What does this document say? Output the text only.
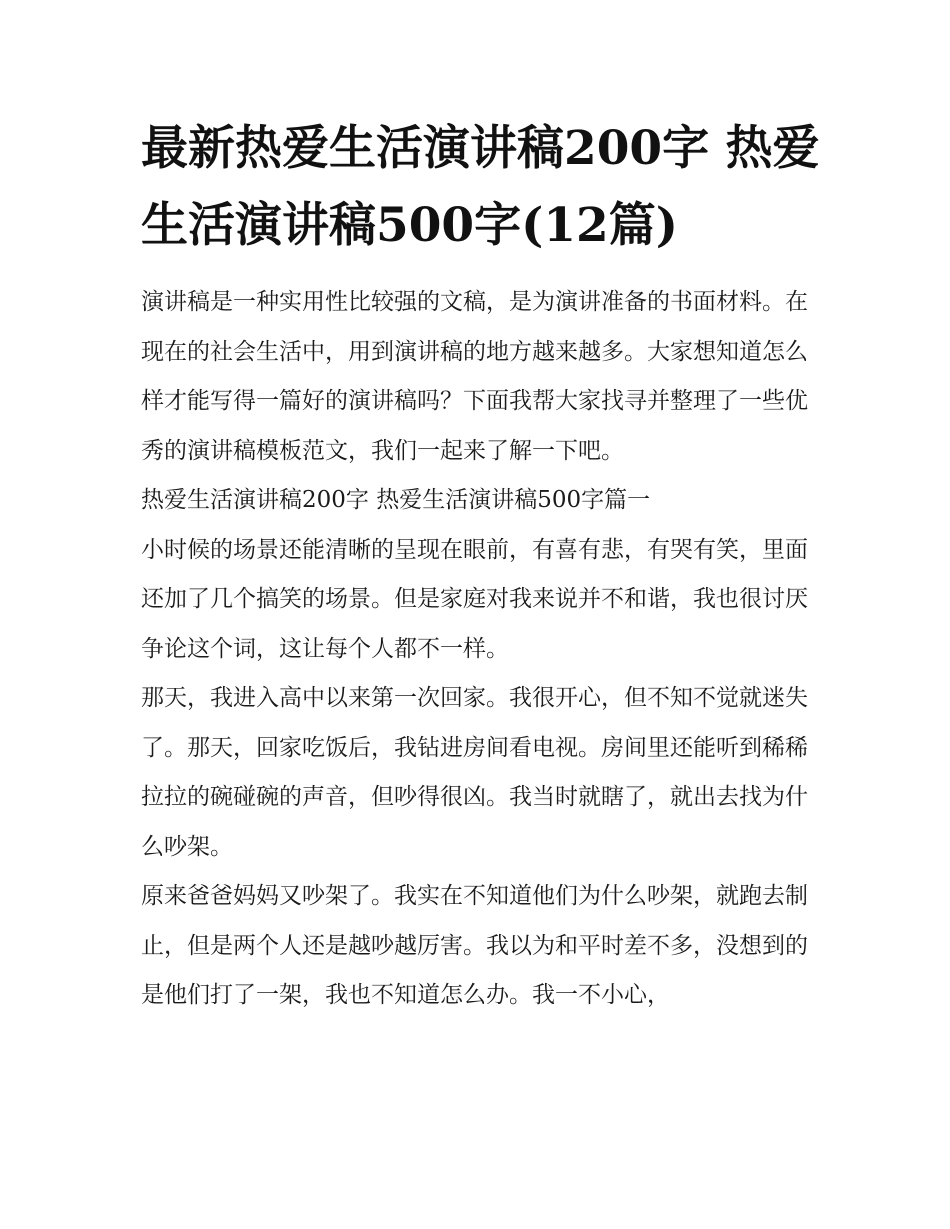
最新热爱生活演讲稿200字 热爱生活演讲稿500字(12篇)

演讲稿是一种实用性比较强的文稿，是为演讲准备的书面材料。在现在的社会生活中，用到演讲稿的地方越来越多。大家想知道怎么样才能写得一篇好的演讲稿吗？下面我帮大家找寻并整理了一些优秀的演讲稿模板范文，我们一起来了解一下吧。

热爱生活演讲稿200字 热爱生活演讲稿500字篇一

小时候的场景还能清晰的呈现在眼前，有喜有悲，有哭有笑，里面还加了几个搞笑的场景。但是家庭对我来说并不和谐，我也很讨厌争论这个词，这让每个人都不一样。

那天，我进入高中以来第一次回家。我很开心，但不知不觉就迷失了。那天，回家吃饭后，我钻进房间看电视。房间里还能听到稀稀拉拉的碗碰碗的声音，但吵得很凶。我当时就瞎了，就出去找为什么吵架。

原来爸爸妈妈又吵架了。我实在不知道他们为什么吵架，就跑去制止，但是两个人还是越吵越厉害。我以为和平时差不多，没想到的是他们打了一架，我也不知道怎么办。我一不小心，
